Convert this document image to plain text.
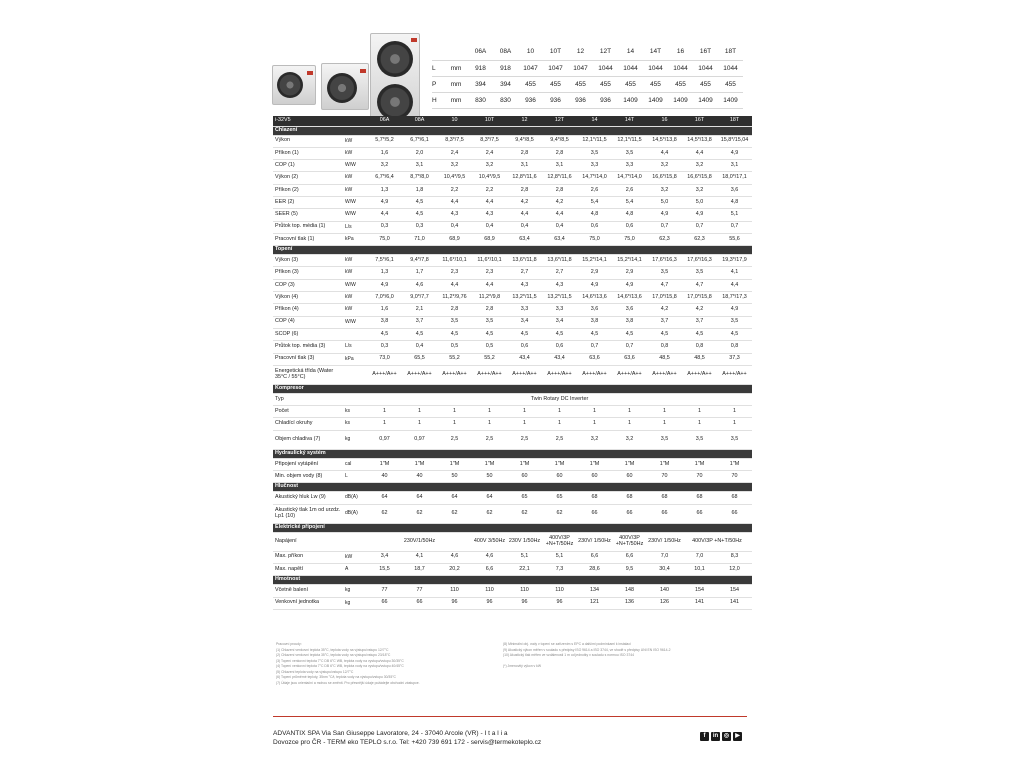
		06A	08A	10	10T	12	12T	14	14T	16	16T	18T
L	mm	918	918	1047	1047	1047	1044	1044	1044	1044	1044	1044
P	mm	394	394	455	455	455	455	455	455	455	455	455
H	mm	830	830	936	936	936	936	1409	1409	1409	1409	1409
i-32V5		06A	08A	10	10T	12	12T	14	14T	16	16T	18T
Chlazení												
Výkon	kW	5,7*/5,2	6,7*/6,1	8,3*/7,5	8,3*/7,5	9,4*/8,5	9,4*/8,5	12,1*/11,5	12,1*/11,5	14,5*/13,8	14,5*/13,8	15,8*/15,04
Příkon (1)	kW	1,6	2,0	2,4	2,4	2,8	2,8	3,5	3,5	4,4	4,4	4,9
COP (1)	W/W	3,2	3,1	3,2	3,2	3,1	3,1	3,3	3,3	3,2	3,2	3,1
Výkon (2)	kW	6,7*/6,4	8,7*/8,0	10,4*/9,5	10,4*/9,5	12,8*/11,6	12,8*/11,6	14,7*/14,0	14,7*/14,0	16,6*/15,8	16,6*/15,8	18,0*/17,1
Příkon (2)	kW	1,3	1,8	2,2	2,2	2,8	2,8	2,6	2,6	3,2	3,2	3,6
EER (2)	W/W	4,9	4,5	4,4	4,4	4,2	4,2	5,4	5,4	5,0	5,0	4,8
SEER (5)	W/W	4,4	4,5	4,3	4,3	4,4	4,4	4,8	4,8	4,9	4,9	5,1
Průtok top. média (1)	L/s	0,3	0,3	0,4	0,4	0,4	0,4	0,6	0,6	0,7	0,7	0,7
Pracovní tlak (1)	kPa	75,0	71,0	68,9	68,9	63,4	63,4	75,0	75,0	62,3	62,3	55,6
Topení												
Výkon (3)	kW	7,5*/6,1	9,4*/7,8	11,6*/10,1	11,6*/10,1	13,6*/11,8	13,6*/11,8	15,2*/14,1	15,2*/14,1	17,6*/16,3	17,6*/16,3	19,3*/17,9
Příkon (3)	kW	1,3	1,7	2,3	2,3	2,7	2,7	2,9	2,9	3,5	3,5	4,1
COP (3)	W/W	4,9	4,6	4,4	4,4	4,3	4,3	4,9	4,9	4,7	4,7	4,4
Výkon (4)	kW	7,0*/6,0	9,0*/7,7	11,2*/9,76	11,2*/9,8	13,2*/11,5	13,2*/11,5	14,6*/13,6	14,6*/13,6	17,0*/15,8	17,0*/15,8	18,7*/17,3
Příkon (4)	kW	1,6	2,1	2,8	2,8	3,3	3,3	3,6	3,6	4,2	4,2	4,9
COP (4)	W/W	3,8	3,7	3,5	3,5	3,4	3,4	3,8	3,8	3,7	3,7	3,5
SCOP (6)		4,5	4,5	4,5	4,5	4,5	4,5	4,5	4,5	4,5	4,5	4,5
Průtok top. média (3)	L/s	0,3	0,4	0,5	0,5	0,6	0,6	0,7	0,7	0,8	0,8	0,8
Pracovní tlak (3)	kPa	73,0	65,5	55,2	55,2	43,4	43,4	63,6	63,6	48,5	48,5	37,3
Energetická třída (Water 35°C / 55°C)		A+++/A++	A+++/A++	A+++/A++	A+++/A++	A+++/A++	A+++/A++	A+++/A++	A+++/A++	A+++/A++	A+++/A++	A+++/A++
Kompresor												
Typ		Twin Rotary DC Inverter										
Počet	ks	1	1	1	1	1	1	1	1	1	1	1
Chladící okruhy	ks	1	1	1	1	1	1	1	1	1	1	1
Objem chladiva (7)	kg	0,97	0,97	2,5	2,5	2,5	2,5	3,2	3,2	3,5	3,5	3,5
Hydraulický systém												
Připojení vytápění	cal	1"M	1"M	1"M	1"M	1"M	1"M	1"M	1"M	1"M	1"M	1"M
Min. objem vody (8)	L	40	40	50	50	60	60	60	60	70	70	70
Hlučnost												
Akustický hluk Lw (9)	dB(A)	64	64	64	64	65	65	68	68	68	68	68
Akustický tlak 1m od urzdz. Lp1 (10)	dB(A)	62	62	62	62	62	62	66	66	66	66	66
Elektrické připojení												
Napájení		230V/1/50Hz			400V 3/50Hz	230V 1/50Hz	400V/3P +N+T/50Hz	230V/ 1/50Hz	400V/3P +N+T/50Hz	230V/ 1/50Hz	400V/3P +N+T/50Hz	
Max. příkon	kW	3,4	4,1	4,6	4,6	5,1	5,1	6,6	6,6	7,0	7,0	8,3
Max. napětí	A	15,5	18,7	20,2	6,6	22,1	7,3	28,6	9,5	30,4	10,1	12,0
Hmotnost												
Včetně balení	kg	77	77	110	110	110	110	134	148	140	154	154
Venkovní jednotka	kg	66	66	96	96	96	96	121	136	126	141	141
Pracovní proudy:
(1) Chlazení venkovní teplota 35°C, teplota vody na výstupu/vstupu 12/7°C
(2) Chlazení venkovní teplota 35°C, teplota vody na výstupu/vstupu 23/18°C
(3) Topení venkovní teplota 7°C DB 6°C WB, teplota vody na vystupu/vstupu 30/35°C
(4) Topení venkovní teplota 7°C DB 6°C WB, teplota vody na vystupu/vstupu 40/45°C
(5) Chlazení teplota vody na výstupu/vstupu 12/7°C
(6) Topení průměrné teploty, 35nm °C/t, teplota vody na výstupu/vstupu 30/35°C
(7) Údaje jsou orientační a mohou se změnit. Pro přesnější údaje požádejte obchodní zástupce.
(8) Minimální obj. vody v topení se zařízením s EPC a dalšími podmínkami k instalaci
(9) Akustický výkon měřen v souladu s předpisy ISO 9614 a ISO 3744, ve shodě s předpisy UNI EN ISO 9614-2
(10) Akustický tlak měřen ve vzdálenosti 1 m od jednotky v souladu s normou ISO 3744

(*) Jmenovitý výkon v kW
ADVANTIX SPA Via San Giuseppe Lavoratore, 24 - 37040 Arcole (VR) - I t a l i a
Dovozce pro ČR - TERM eko TEPLO s.r.o. Tel: +420 739 691 172 - servis@termekoteplo.cz
f	in ◎	▶
